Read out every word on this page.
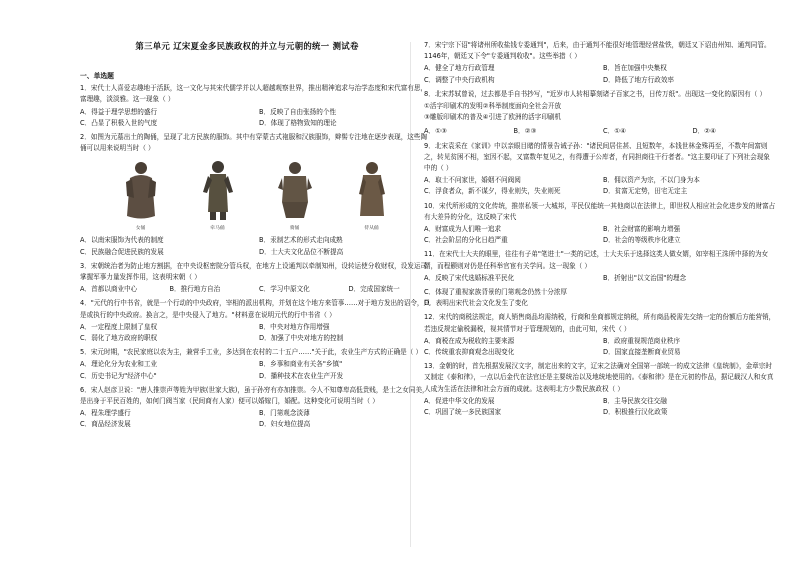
第三单元 辽宋夏金多民族政权的并立与元朝的统一 测试卷
一、单选题
1．宋代士人喜爱志趣地于活跃，这一文化与其宋代儒学并以人超越观察世界，推出精神追求与治学态度和宋代富有思，富理趣，淡淡雅。这一现象（ ）
A．得益于理学思想的盛行	B．反映了自由张扬的个性
C．凸显了积极入世的气度	D．体现了格物致知的理论
2．如图为元墓出土的陶俑，呈现了北方民族的服饰。其中有穿蒙古式袍服和汉族服饰，辫髻专注地在逐步表现，这些陶俑可以用来说明当时（ ）
女俑	牵马俑	骑俑	侍从俑
A．以南宋服饰为代表的制度	B．汞制艺术的形式走向成熟
C．民族融合促进民族的发展	D．士大夫文化品位不断提高
3．宋朝统治者为防止地方割据，在中央设枢密院分管兵权，在地方上设通判以牵制知州，设转运使分收财权，设发运司掌握军事力量发挥作用，这表明宋朝（ ）
A．首都以商业中心	B．推行地方自治	C．学习中原文化	D．完成国家统一
4．"元代的行中书省，就是一个行动的中央政府，宰相的派出机构，并划在这个地方来管事……对于地方发出的诏令，只是或执行的中央政府。换言之，是中央侵入了地方。"材料意在说明元代的行中书省（ ）
A．一定程度上限制了皇权	B．中央对地方作用增强
C．弱化了地方政府的职权	D．加强了中央对地方的控制
5．宋元时期，"农民家庭以农为主，兼营手工业，多达到在农村的二十五户……"关于此，农业生产方式的正确是（ ）
A．理论化分为农业和工业	B．乡事和商业有关各"乡镇"
C．历史书记为"经济中心"	D．播种技术在农业生产开发
6．宋人赵彦卫说："唐人推崇声等姓为甲族(世家大族)，虽于孙穷有亦加推崇。今人不知尊卑高低贵贱，是士之女同美，是出身于平民百姓的，如何门阀当家（民间商有人家）便可以婚嫁门，婚配。这种变化可说明当时（ ）
A．程朱理学盛行	B．门第观念淡薄
C．商品经济发展	D．妇女地位提高
7．宋宁宗下诏"将诸州所收盐钱专委通判"，后来，由于通判不能很好地管理经营盐铁，朝廷又下诏由州知、通判同管。1146年，朝廷又下令"专委通判收收"。这些举措（ ）
A．健全了地方行政管理	B．旨在加强中央集权
C．调整了中央行政机构	D．降低了地方行政效率
8．北宋苏轼曾说，过去都是手自书抄写，"近岁市人转相摹刻诸子百家之书，日传万纸"。出现这一变化的原因有（ ）
①活字印刷术的发明②科举制度面向全社会开放
③雕版印刷术的普及④引进了欧洲的活字印刷机
A．①③	B．②③	C．①④	D．②④
9．北宋袁采在《家训》中以亲眼目睹的情景告诫子孙："诸民间居住甚、且短数年，本钱世林金殊再至，不数年间富则之，转见贫困不相，室因不起，又富数年复见之，有得遭于公库者，有同担商往干行者者。"这主要印证了下列社会现象中的（ ）
A．取士不问家世，婚姻不问阀阅	B．佣以资产为宗，不以门身为本
C．浮食者众，新不谋夕，得业则失，失业则死	D．贫富无定势，田宅无定主
10．宋代所形成的文化传统，推崇私领一大城邦，平民仅能统一其他商以在法律上，即世权人相应社会化进步发的财富占有大差异的分化，这反映了宋代
A．财富成为人们唯一追求	B．社会财富的影响力增强
C．社会阶层的分化日趋严重	D．社会的等级秩序化建立
11．在宋代士大夫的眼里，往往有子弟"笔进士"一类的记述，士大夫乐于选择这类人做女婿，如宰相王洙所中择的为女婿，而程颢则对仍是任科举官宦有关学问。这一现象（ ）
A．反映了宋代选婚标准平民化	B．折射出"以文治国"的理念
C．体现了重视家族背景的门第观念仍然十分浓厚
D．表明出宋代社会文化发生了变化
12．宋代的商税法规定，商人销售商品均需纳税，行商和坐商都规定纳税，所有商品税需先交纳一定的份额后方能营销，若违反规定偷税漏税，视其情节对于管理规划的，由此可知，宋代（ ）
A．商税在成为税收的主要来源	B．政府重视规范商业秩序
C．传统重农抑商观念出现变化	D．国家直接垄断商业贸易
13．金朝的时，首先根据发展汉文字，制定出来的文字，辽宋之法确对全国第一部统一的成文法律《皇统制》，金章宗时又制定《泰和律》，一点以后金代在法官还是主要统治以及地统地使用的。《泰和律》是在元初的作品，据记载汉人和女真人成为生活在法律和社会方面的成就。这表明北方少数民族政权（ ）
A．促进中华文化的发展	B．主导民族交往交融
C．巩固了统一多民族国家	D．积极推行汉化政策
